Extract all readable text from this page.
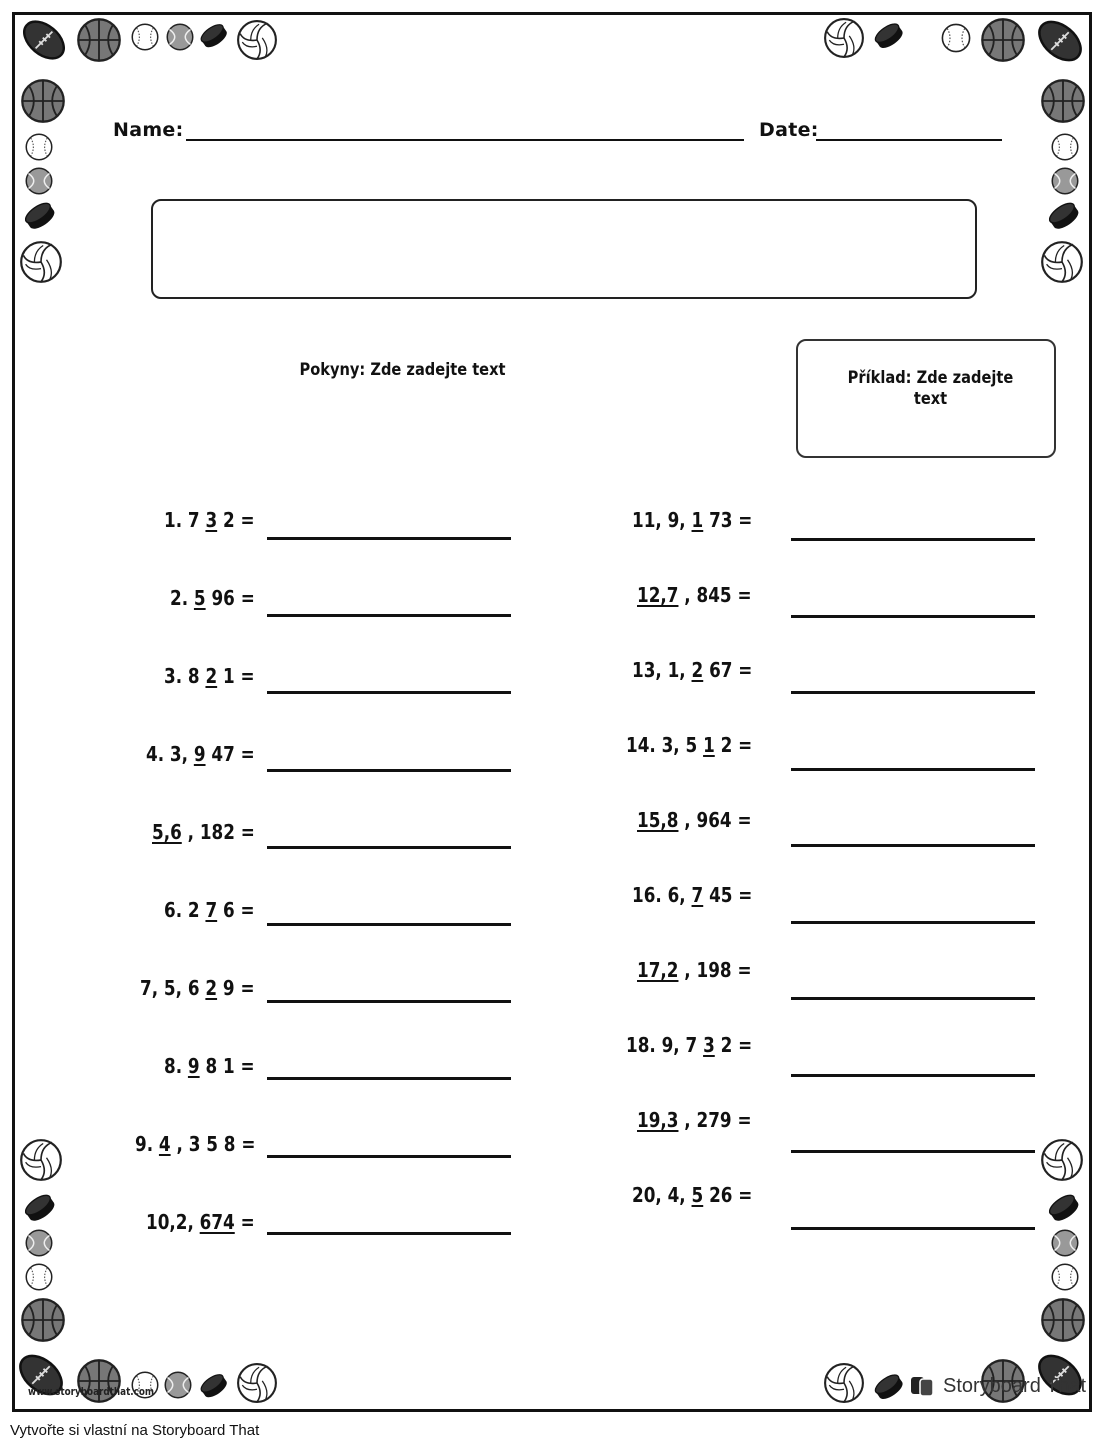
Name:	Date:
Pokyny: Zde zadejte text	Příklad: Zde zadejte text
1. 7 3 2 =
2. 5 96 =
3. 8 2 1 =
4. 3, 9 47 =
5,6 , 182 =
6. 2 7 6 =
7, 5, 6 2 9 =
8. 9 8 1 =
9. 4 , 3 5 8 =
10,2, 674 =
11, 9, 1 73 =
12,7 , 845 =
13, 1, 2 67 =
14. 3, 5 1 2 =
15,8 , 964 =
16. 6, 7 45 =
17,2 , 198 =
18. 9, 7 3 2 =
19,3 , 279 =
20, 4, 5 26 =
www.storyboardthat.com	Storyboard That
Vytvořte si vlastní na Storyboard That
